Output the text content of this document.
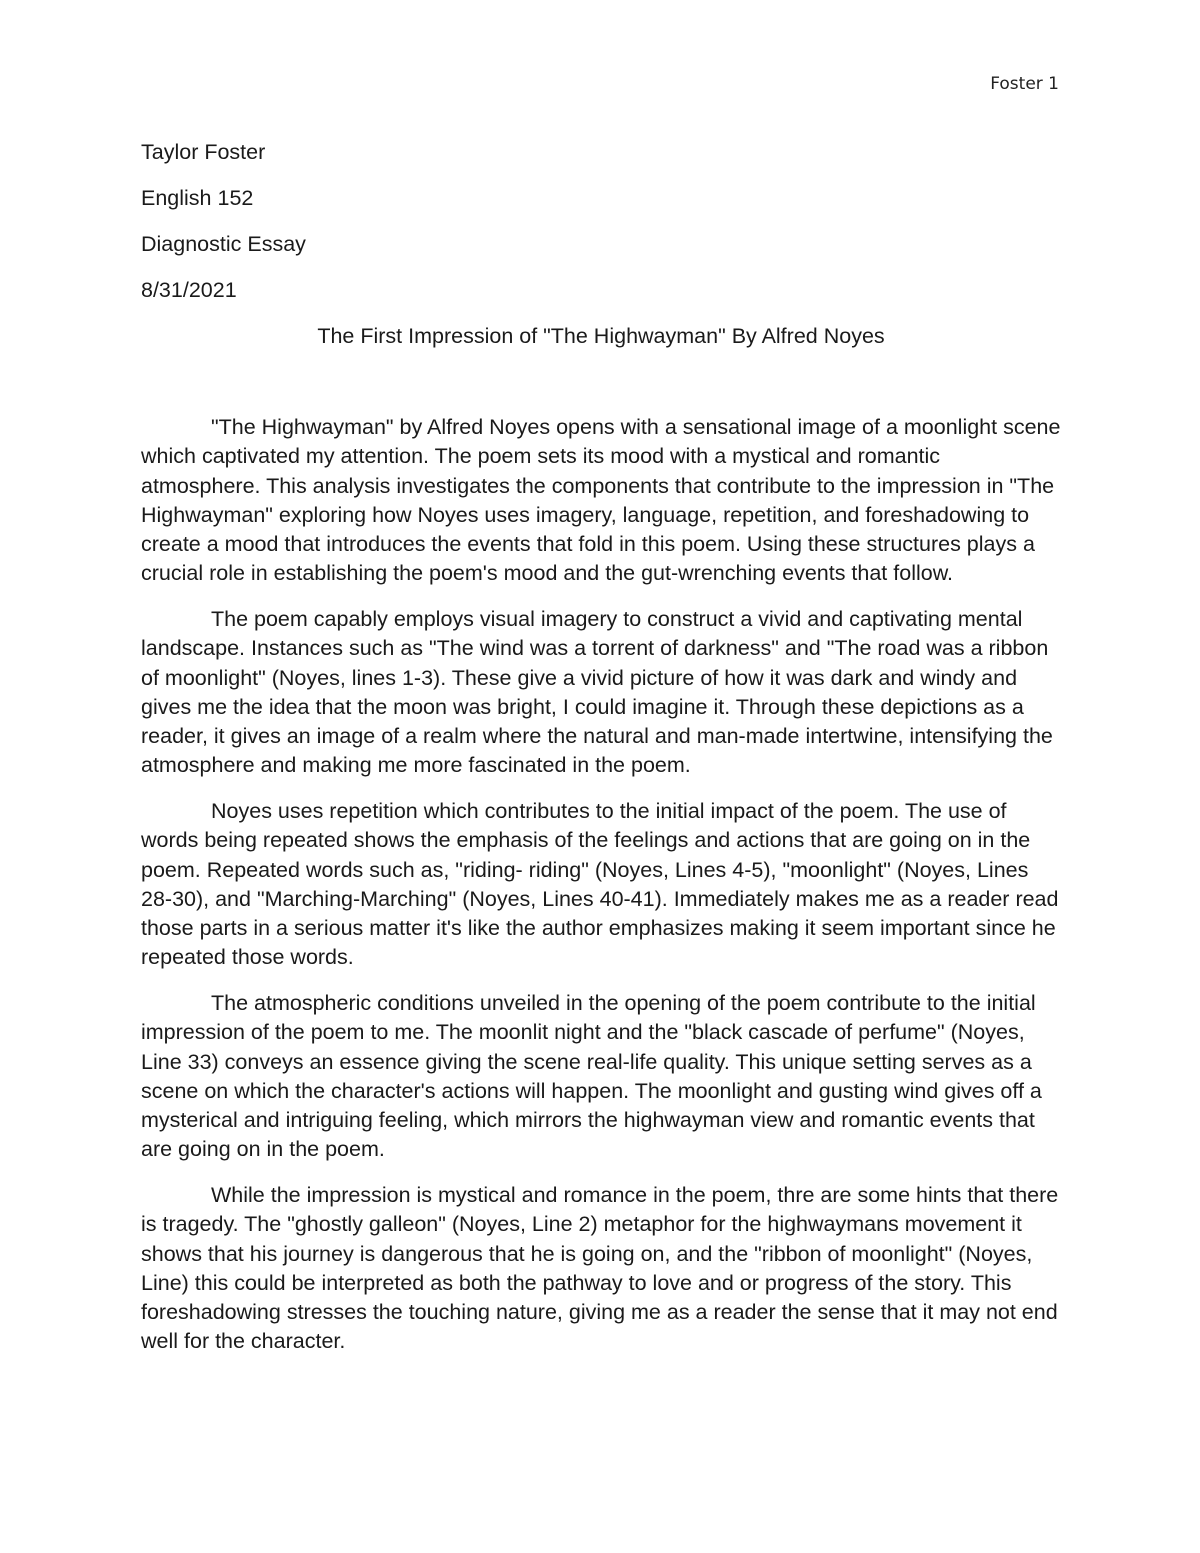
Foster 1
Taylor Foster
English 152
Diagnostic Essay
8/31/2021
The First Impression of "The Highwayman" By Alfred Noyes

"The Highwayman" by Alfred Noyes opens with a sensational image of a moonlight scene which captivated my attention. The poem sets its mood with a mystical and romantic atmosphere. This analysis investigates the components that contribute to the impression in "The Highwayman" exploring how Noyes uses imagery, language, repetition, and foreshadowing to create a mood that introduces the events that fold in this poem. Using these structures plays a crucial role in establishing the poem's mood and the gut-wrenching events that follow.

The poem capably employs visual imagery to construct a vivid and captivating mental landscape. Instances such as "The wind was a torrent of darkness" and "The road was a ribbon of moonlight" (Noyes, lines 1-3). These give a vivid picture of how it was dark and windy and gives me the idea that the moon was bright, I could imagine it. Through these depictions as a reader, it gives an image of a realm where the natural and man-made intertwine, intensifying the atmosphere and making me more fascinated in the poem.

Noyes uses repetition which contributes to the initial impact of the poem. The use of words being repeated shows the emphasis of the feelings and actions that are going on in the poem. Repeated words such as, "riding- riding" (Noyes, Lines 4-5), "moonlight" (Noyes, Lines 28-30), and "Marching-Marching" (Noyes, Lines 40-41). Immediately makes me as a reader read those parts in a serious matter it's like the author emphasizes making it seem important since he repeated those words.

The atmospheric conditions unveiled in the opening of the poem contribute to the initial impression of the poem to me. The moonlit night and the "black cascade of perfume" (Noyes, Line 33) conveys an essence giving the scene real-life quality. This unique setting serves as a scene on which the character's actions will happen. The moonlight and gusting wind gives off a mysterical and intriguing feeling, which mirrors the highwayman view and romantic events that are going on in the poem.

While the impression is mystical and romance in the poem, thre are some hints that there is tragedy. The "ghostly galleon" (Noyes, Line 2) metaphor for the highwaymans movement it shows that his journey is dangerous that he is going on, and the "ribbon of moonlight" (Noyes, Line) this could be interpreted as both the pathway to love and or progress of the story. This foreshadowing stresses the touching nature, giving me as a reader the sense that it may not end well for the character.
